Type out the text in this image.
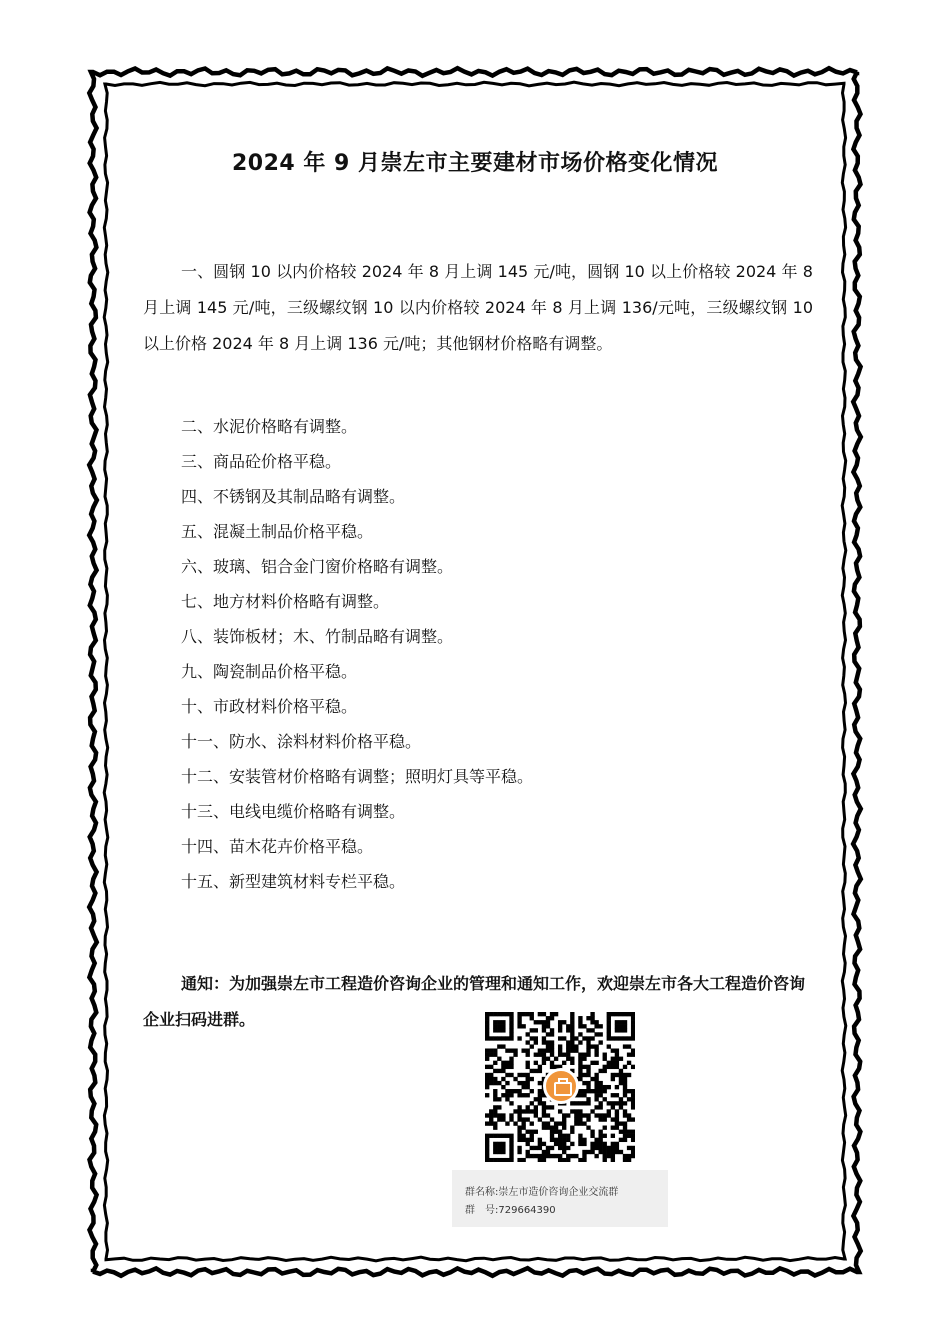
2024 年 9 月崇左市主要建材市场价格变化情况

一、圆钢 10 以内价格较 2024 年 8 月上调 145 元/吨，圆钢 10 以上价格较 2024 年 8 月上调 145 元/吨，三级螺纹钢 10 以内价格较 2024 年 8 月上调 136/元吨，三级螺纹钢 10 以上价格 2024 年 8 月上调 136 元/吨；其他钢材价格略有调整。

二、水泥价格略有调整。
三、商品砼价格平稳。
四、不锈钢及其制品略有调整。
五、混凝土制品价格平稳。
六、玻璃、铝合金门窗价格略有调整。
七、地方材料价格略有调整。
八、装饰板材；木、竹制品略有调整。
九、陶瓷制品价格平稳。
十、市政材料价格平稳。
十一、防水、涂料材料价格平稳。
十二、安装管材价格略有调整；照明灯具等平稳。
十三、电线电缆价格略有调整。
十四、苗木花卉价格平稳。
十五、新型建筑材料专栏平稳。

通知：为加强崇左市工程造价咨询企业的管理和通知工作，欢迎崇左市各大工程造价咨询企业扫码进群。

群名称:崇左市造价咨询企业交流群
群　号:729664390
